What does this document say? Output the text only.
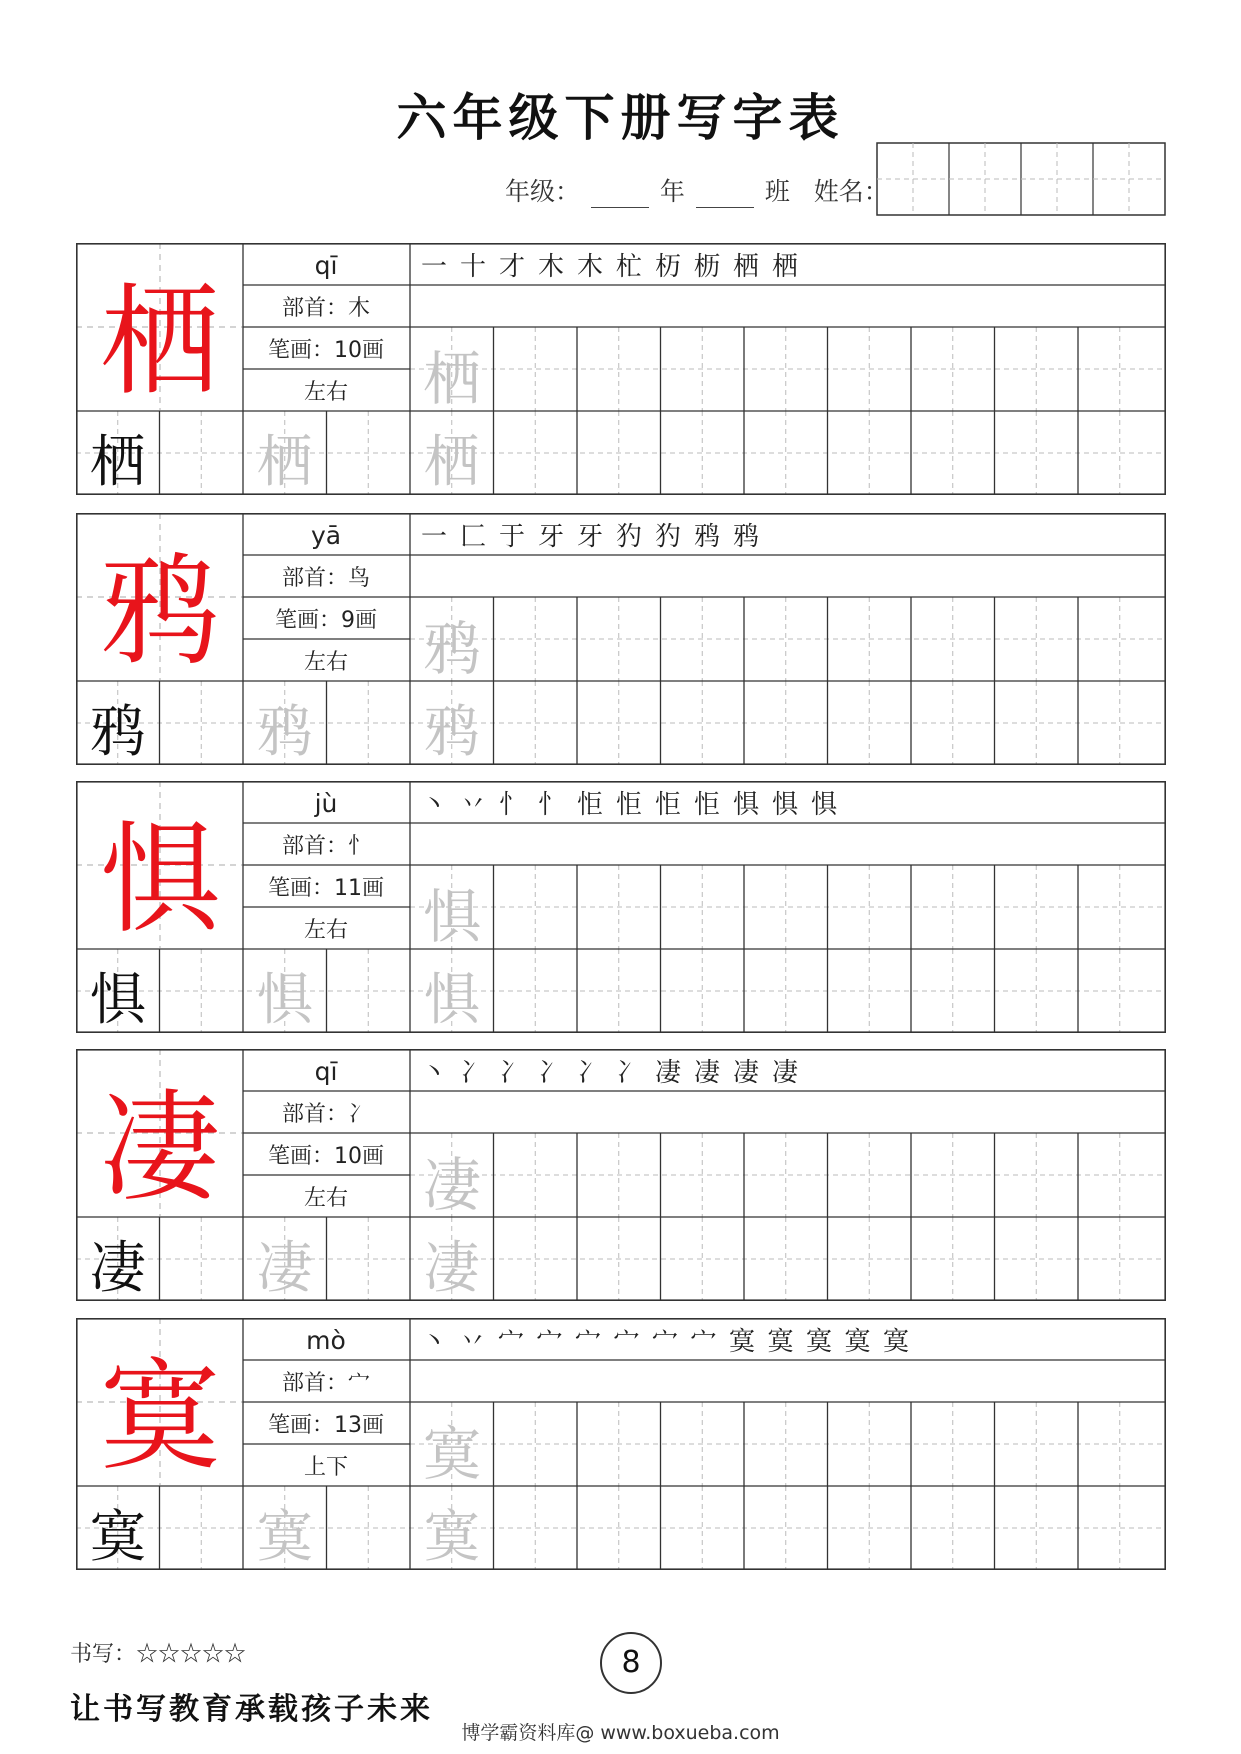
六年级下册写字表
年级：	年	班 姓名：
栖
qī
部首：木
笔画：10画
左右
一 十 才 木 木 杧 杤 枥 栖 栖
栖
栖 栖 栖
鸦
yā
部首：鸟
笔画：9画
左右
一 匚 于 牙 牙 犳 犳 鸦 鸦
鸦
鸦 鸦 鸦
惧
jù
部首：忄
笔画：11画
左右
丶 丷 忄 忄 怇 怇 怇 怇 惧 惧 惧
惧
惧 惧 惧
凄
qī
部首：冫
笔画：10画
左右
丶 冫 冫 冫 冫 冫 凄 凄 凄 凄
凄
凄 凄 凄
寞
mò
部首：宀
笔画：13画
上下
丶 丷 宀 宀 宀 宀 宀 宀 寞 寞 寞 寞 寞
寞
寞 寞 寞
书写：☆☆☆☆☆
让书写教育承载孩子未来
8
博学霸资料库@ www.boxueba.com
